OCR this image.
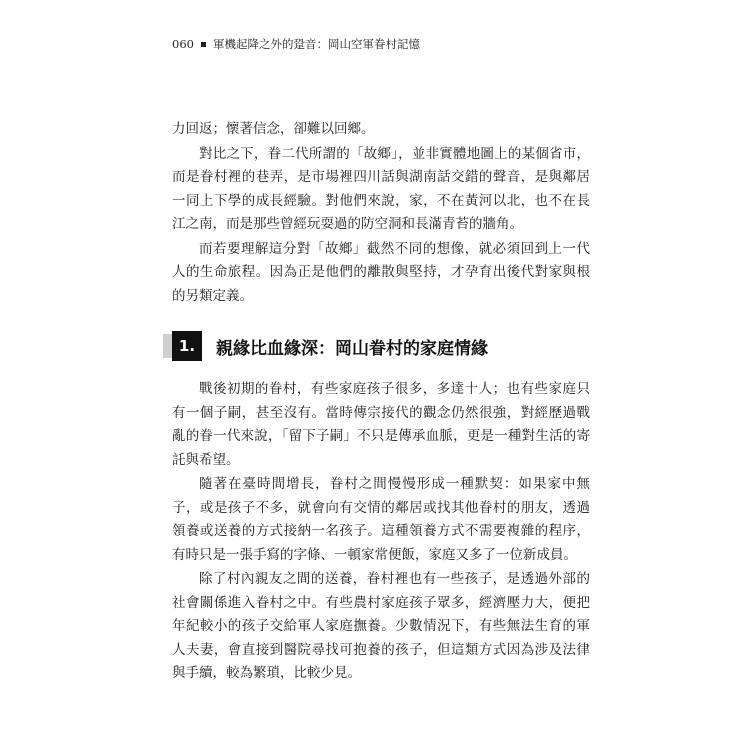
060 軍機起降之外的跫音：岡山空軍眷村記憶

力回返；懷著信念，卻難以回鄉。

對比之下，眷二代所謂的「故鄉」，並非實體地圖上的某個省市，而是眷村裡的巷弄，是市場裡四川話與湖南話交錯的聲音，是與鄰居一同上下學的成長經驗。對他們來說，家，不在黃河以北，也不在長江之南，而是那些曾經玩耍過的防空洞和長滿青苔的牆角。

而若要理解這分對「故鄉」截然不同的想像，就必須回到上一代人的生命旅程。因為正是他們的離散與堅持，才孕育出後代對家與根的另類定義。

1. 親緣比血緣深：岡山眷村的家庭情緣

戰後初期的眷村，有些家庭孩子很多，多達十人；也有些家庭只有一個子嗣，甚至沒有。當時傳宗接代的觀念仍然很強，對經歷過戰亂的眷一代來說，「留下子嗣」不只是傳承血脈，更是一種對生活的寄託與希望。

隨著在臺時間增長，眷村之間慢慢形成一種默契：如果家中無子，或是孩子不多，就會向有交情的鄰居或找其他眷村的朋友，透過領養或送養的方式接納一名孩子。這種領養方式不需要複雜的程序，有時只是一張手寫的字條、一頓家常便飯，家庭又多了一位新成員。

除了村內親友之間的送養，眷村裡也有一些孩子，是透過外部的社會關係進入眷村之中。有些農村家庭孩子眾多，經濟壓力大，便把年紀較小的孩子交給軍人家庭撫養。少數情況下，有些無法生育的軍人夫妻，會直接到醫院尋找可抱養的孩子，但這類方式因為涉及法律與手續，較為繁瑣，比較少見。
